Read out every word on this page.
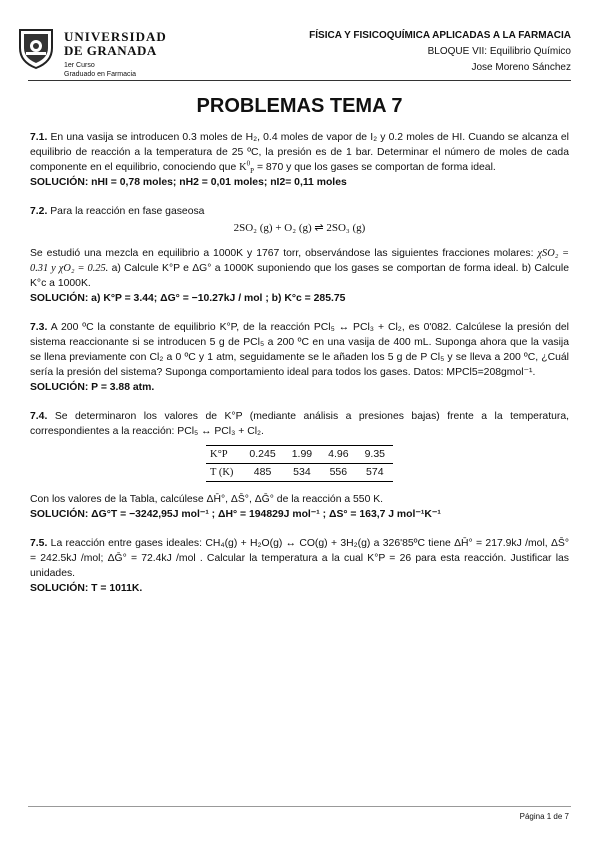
UNIVERSIDAD
DE GRANADA
1er Curso
Graduado en Farmacia
FÍSICA Y FISICOQUÍMICA APLICADAS A LA FARMACIA
BLOQUE VII: Equilibrio Químico
Jose Moreno Sánchez
PROBLEMAS TEMA 7

7.1. En una vasija se introducen 0.3 moles de H₂, 0.4 moles de vapor de I₂ y 0.2 moles de HI. Cuando se alcanza el equilibrio de reacción a la temperatura de 25 ºC, la presión es de 1 bar. Determinar el número de moles de cada componente en el equilibrio, conociendo que $K^0_P = 870$ y que los gases se comportan de forma ideal.

SOLUCIÓN: nHI = 0,78 moles; nH2 = 0,01 moles; nI2= 0,11 moles

7.2. Para la reacción en fase gaseosa

2SO₂ (g) + O₂ (g) ⇌ 2SO₃ (g)

Se estudió una mezcla en equilibrio a 1000K y 1767 torr, observándose las siguientes fracciones molares: χSO₂ = 0.31 y χO₂ = 0.25. a) Calcule K°P e ΔG° a 1000K suponiendo que los gases se comportan de forma ideal. b) Calcule K°c a 1000K.

SOLUCIÓN: a) K°P = 3.44; ΔG° = −10.27kJ / mol ; b) K°c = 285.75

7.3. A 200 ºC la constante de equilibrio K°P, de la reacción PCl₅ ↔ PCl₃ + Cl₂, es 0'082. Calcúlese la presión del sistema reaccionante si se introducen 5 g de PCl₅ a 200 ºC en una vasija de 400 mL. Suponga ahora que la vasija se llena previamente con Cl₂ a 0 ºC y 1 atm, seguidamente se le añaden los 5 g de P Cl₅ y se lleva a 200 ºC, ¿Cuál sería la presión del sistema? Suponga comportamiento ideal para todos los gases. Datos: MPCl5=208gmol⁻¹.

SOLUCIÓN: P = 3.88 atm.

7.4. Se determinaron los valores de K°P (mediante análisis a presiones bajas) frente a la temperatura, correspondientes a la reacción: PCl₅ ↔ PCl₃ + Cl₂.

K°P	0.245	1.99	4.96	9.35
T (K)	485	534	556	574

Con los valores de la Tabla, calcúlese ΔH̄°, ΔS̄°, ΔḠ° de la reacción a 550 K.

SOLUCIÓN: ΔG°T = −3242,95J mol⁻¹ ; ΔH° = 194829J mol⁻¹ ; ΔS° = 163,7 J mol⁻¹K⁻¹

7.5. La reacción entre gases ideales: CH₄(g) + H₂O(g) ↔ CO(g) + 3H₂(g) a 326'85ºC tiene ΔH̄° = 217.9kJ /mol, ΔS̄° = 242.5kJ /mol; ΔḠ° = 72.4kJ /mol . Calcular la temperatura a la cual K°P = 26 para esta reacción. Justificar las unidades.

SOLUCIÓN: T = 1011K.

Página 1 de 7
